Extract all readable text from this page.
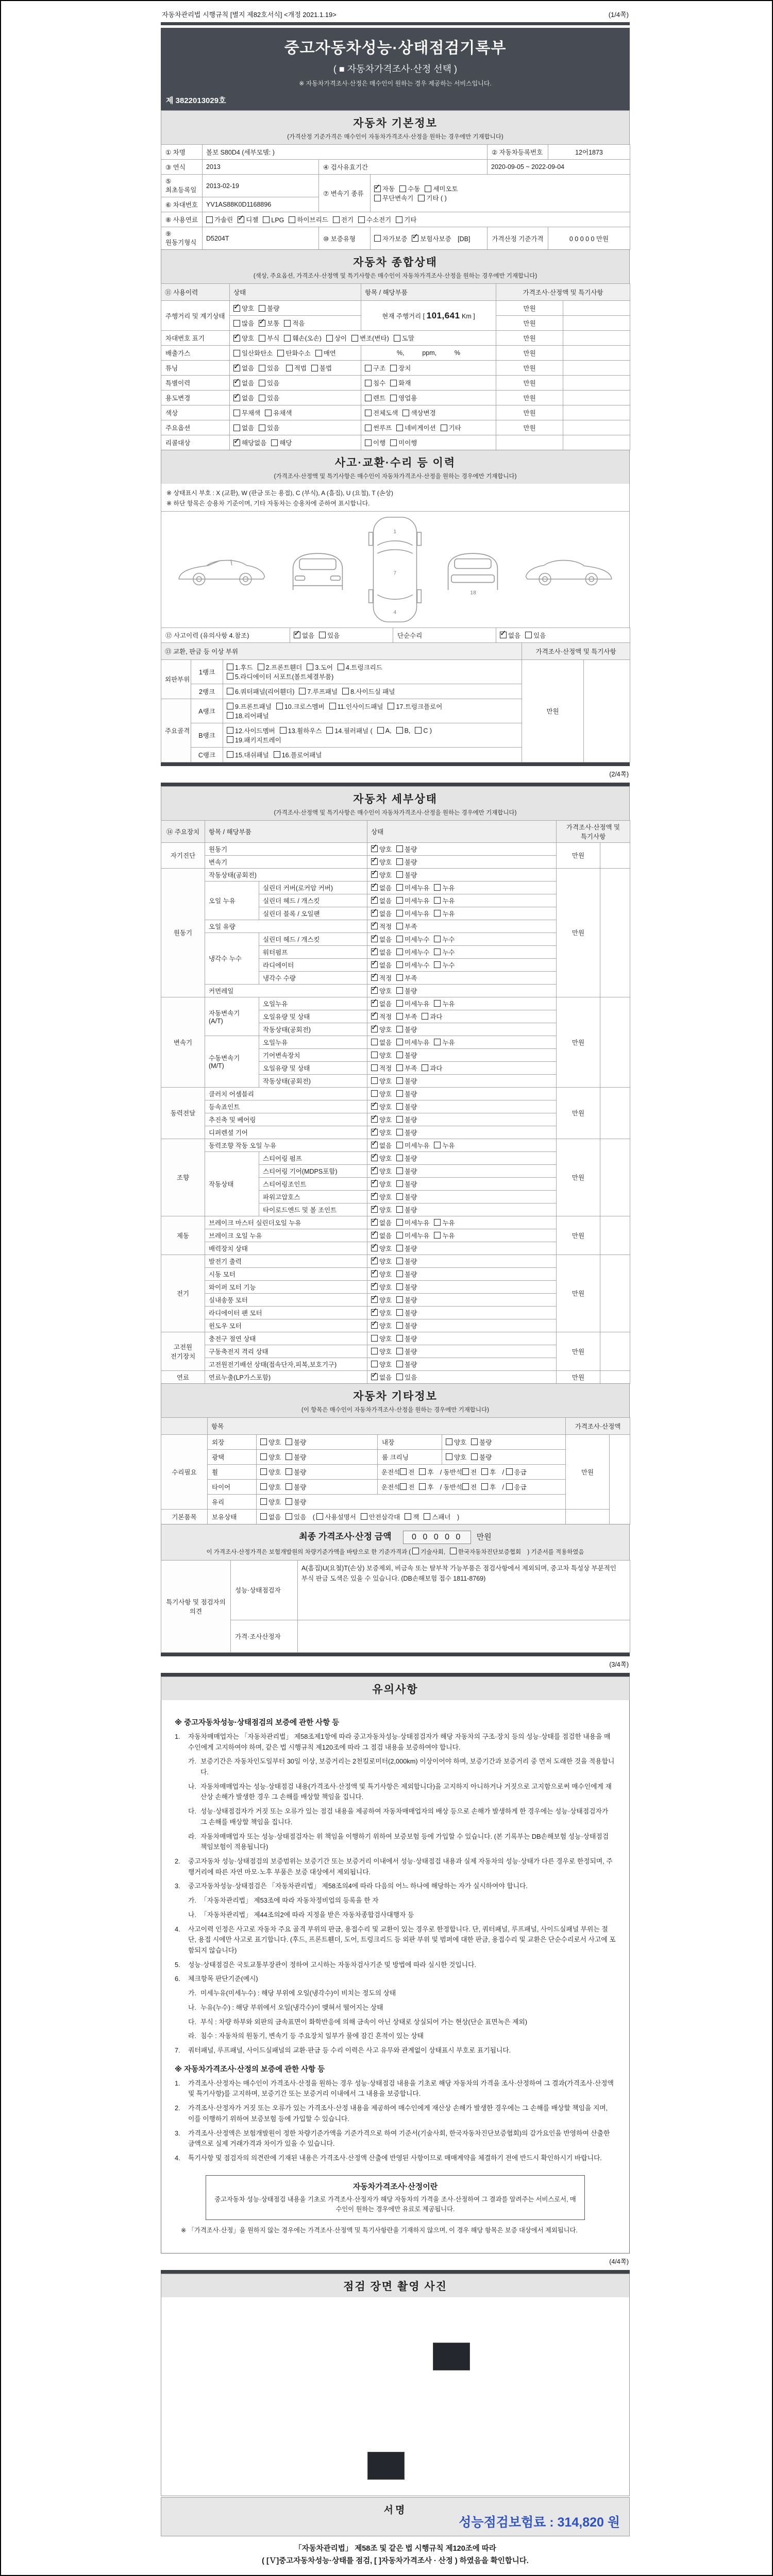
자동차관리법 시행규칙 [별지 제82호서식] <개정 2021.1.19>	(1/4쪽)
중고자동차성능·상태점검기록부
( ■ 자동차가격조사·산정 선택 )
※ 자동차가격조사·산정은 매수인이 원하는 경우 제공하는 서비스입니다.
제 3822013029호
자동차 기본정보
(가격산정 기준가격은 매수인이 자동차가격조사·산정을 원하는 경우에만 기재합니다)
① 차명	볼보 S80D4 (세부모델: )			② 자동차등록번호	12어1873
③ 연식	2013	④ 검사유효기간		2020-09-05 ~ 2022-09-04	
⑤ 최초등록일	2013-02-19	⑦ 변속기 종류	✓자동 수동 세미오토
무단변속기 기타 ( )
⑥ 차대번호	YV1AS88K0D1168896				
⑧ 사용연료	가솔린 ✓ 디젤 LPG 하이브리드 전기 수소전기 기타
⑨ 원동기형식	D5204T	⑩ 보증유형	자가보증 ✓ 보험사보증 [DB]	가격산정 기준가격	0 0 0 0 0 만원
자동차 종합상태
(색상, 주요옵션, 가격조사·산정액 및 특기사항은 매수인이 자동차가격조사·산정을 원하는 경우에만 기재합니다)
⑪ 사용이력	상태	항목 / 해당부품	가격조사·산정액 및 특기사항	
주행거리 및 계기상태	✓양호 불량	현재 주행거리 [ 101,641 Km ]	만원	
	많음 ✓ 보통 적음		만원	
차대번호 표기	✓양호 부식 훼손(오손) 상이 변조(변타) 도말		만원	
배출가스	일산화탄소 탄화수소 매연	%,          ppm,          %	만원	
튜닝	✓없음 있음 적법 불법	구조 장치	만원	
특별이력	✓없음 있음	침수 화재	만원	
용도변경	✓없음 있음	렌트 영업용	만원	
색상	무채색 유채색	전체도색 색상변경	만원	
주요옵션	없음 있음	썬루프 네비게이션 기타	만원	
리콜대상	✓해당없음 해당	이행 미이행		
사고·교환·수리 등 이력
(가격조사·산정액 및 특기사항은 매수인이 자동차가격조사·산정을 원하는 경우에만 기재합니다)
※ 상태표시 부호 : X (교환), W (판금 또는 용접), C (부식), A (흠집), U (요철), T (손상)
※ 하단 항목은 승용차 기준이며, 기타 자동차는 승용차에 준하여 표시합니다.
1
7
4
18
⑫ 사고이력 (유의사항 4.참조)	✓없음 있음	단순수리	✓없음 있음
⑬ 교환, 판금 등 이상 부위			가격조사·산정액 및 특기사항	
외판부위	1랭크	1.후드 2.프론트휀더 3.도어 4.트렁크리드
5.라디에이터 서포트(볼트체결부품)	만원	
	2랭크	6.쿼터패널(리어휀더) 7.루프패널 8.사이드실 패널		
주요골격	A랭크	9.프론트패널 10.크로스멤버 11.인사이드패널 17.트렁크플로어
18.리어패널		
	B랭크	12.사이드멤버 13.휠하우스 14.필러패널 ( A, B, C )
19.패키지트레이		
	C랭크	15.대쉬패널 16.플로어패널		
(2/4쪽)
자동차 세부상태
(가격조사·산정액 및 특기사항은 매수인이 자동차가격조사·산정을 원하는 경우에만 기재합니다)
⑭ 주요장치	항목 / 해당부품		상태	가격조사·산정액 및 특기사항	
자기진단	원동기	✓양호 불량	만원	
	변속기	✓양호 불량
원동기	작동상태(공회전)	✓양호 불량	만원	
	오일 누유	실린더 커버(로커암 커버)	✓없음 미세누유 누유
		실린더 헤드 / 개스킷	✓없음 미세누유 누유
		실린더 블록 / 오일팬	✓없음 미세누유 누유
	오일 유량	✓적정 부족
	냉각수 누수	실린더 헤드 / 개스킷	✓없음 미세누수 누수
		워터펌프	✓없음 미세누수 누수
		라디에이터	✓없음 미세누수 누수
		냉각수 수량	✓적정 부족
	커먼레일	✓양호 불량
변속기	자동변속기 (A/T)	오일누유	✓없음 미세누유 누유	만원	
		오일유량 및 상태	✓적정 부족 과다
		작동상태(공회전)	✓양호 불량
	수동변속기 (M/T)	오일누유	없음 미세누유 누유		
		기어변속장치	양호 불량		
		오일유량 및 상태	적정 부족 과다		
		작동상태(공회전)	양호 불량		
동력전달	클러치 어셈블리		양호 불량	만원	
	등속죠인트	✓양호 불량
	추진축 및 베어링	✓양호 불량
	디퍼렌셜 기어	✓양호 불량
조향	동력조향 작동 오일 누유	✓없음 미세누유 누유	만원	
	작동상태	스티어링 펌프	✓양호 불량
		스티어링 기어(MDPS포함)	✓양호 불량
		스티어링조인트	✓양호 불량
		파워고압호스	✓양호 불량
		타이로드엔드 및 볼 조인트	✓양호 불량
제동	브레이크 마스터 실린더오일 누유	✓없음 미세누유 누유	만원	
	브레이크 오일 누유	✓없음 미세누유 누유
	배력장치 상태	✓양호 불량
전기	발전기 출력	✓양호 불량	만원	
	시동 모터	✓양호 불량
	와이퍼 모터 기능	✓양호 불량
	실내송풍 모터	✓양호 불량
	라디에이터 팬 모터	✓양호 불량
	윈도우 모터	✓양호 불량
고전원 전기장치	충전구 절연 상태		양호 불량	만원	
	구동축전지 격리 상태		양호 불량		
	고전원전기배선 상태(접속단자,피복,보호기구)		양호 불량		
연료	연료누출(LP가스포함)	✓없음 있음	만원	
자동차 기타정보
(이 항목은 매수인이 자동차가격조사·산정을 원하는 경우에만 기재합니다)
	항목				가격조사·산정액	
수리필요	외장	양호 불량	내장	양호 불량	만원	
	광택	양호 불량	룸 크리닝	양호 불량		
	휠	양호 불량	운전석 전 후 / 동반석 전 후 / 응급			
	타이어	양호 불량	운전석 전 후 / 동반석 전 후 / 응급			
	유리	양호 불량				
기본품목	보유상태	없음 있음 ( 사용설명서 안전삼각대 잭 스패너 )				
최종 가격조사·산정 금액 0 0 0 0 0 만원
이 가격조사·산정가격은 보험개발원의 차량기준가액을 바탕으로 한 기준가격과 ( 기술사회, 한국자동차진단보증협회 ) 기준서를 적용하였음
특기사항 및 점검자의 의견	성능·상태점검자	A(흠집)U(요철)T(손상) 보증제외, 비금속 또는 탈부착 가능부품은 점검사항에서 제외되며, 중고차 특성상 부분적인 부식 판금 도색은 있을 수 있습니다. (DB손해보험 접수 1811-8769)
	가격·조사산정자	
(3/4쪽)
유의사항
※ 중고자동차성능·상태점검의 보증에 관한 사항 등
1.	자동차매매업자는 「자동차관리법」 제58조제1항에 따라 중고자동차성능·상태점검자가 해당 자동차의 구조·장치 등의 성능·상태를 점검한 내용을 매수인에게 고지하여야 하며, 같은 법 시행규칙 제120조에 따라 그 점검 내용을 보증하여야 합니다.
가. 보증기간은 자동차인도일부터 30일 이상, 보증거리는 2천킬로미터(2,000km) 이상이어야 하며, 보증기간과 보증거리 중 먼저 도래한 것을 적용합니다.
나. 자동차매매업자는 성능·상태점검 내용(가격조사·산정액 및 특기사항은 제외합니다)을 고지하지 아니하거나 거짓으로 고지함으로써 매수인에게 재산상 손해가 발생한 경우 그 손해를 배상할 책임을 집니다.
다. 성능·상태점검자가 거짓 또는 오류가 있는 점검 내용을 제공하여 자동차매매업자의 배상 등으로 손해가 발생하게 한 경우에는 성능·상태점검자가 그 손해를 배상할 책임을 집니다.
라. 자동차매매업자 또는 성능·상태점검자는 위 책임을 이행하기 위하여 보증보험 등에 가입할 수 있습니다. (본 기록부는 DB손해보험 성능·상태점검 책임보험이 적용됩니다)
2.	중고자동차 성능·상태점검의 보증범위는 보증기간 또는 보증거리 이내에서 성능·상태점검 내용과 실제 자동차의 성능·상태가 다른 경우로 한정되며, 주행거리에 따른 자연 마모·노후 부품은 보증 대상에서 제외됩니다.
3.	중고자동차성능·상태점검은 「자동차관리법」 제58조의4에 따라 다음의 어느 하나에 해당하는 자가 실시하여야 합니다.
가. 「자동차관리법」 제53조에 따라 자동차정비업의 등록을 한 자
나. 「자동차관리법」 제44조의2에 따라 지정을 받은 자동차종합검사대행자 등
4.	사고이력 인정은 사고로 자동차 주요 골격 부위의 판금, 용접수리 및 교환이 있는 경우로 한정합니다. 단, 쿼터패널, 루프패널, 사이드실패널 부위는 절단, 용접 시에만 사고로 표기합니다. (후드, 프론트휀더, 도어, 트렁크리드 등 외판 부위 및 범퍼에 대한 판금, 용접수리 및 교환은 단순수리로서 사고에 포함되지 않습니다)
5.	성능·상태점검은 국토교통부장관이 정하여 고시하는 자동차검사기준 및 방법에 따라 실시한 것입니다.
6.	체크항목 판단기준(예시)
가. 미세누유(미세누수) : 해당 부위에 오일(냉각수)이 비치는 정도의 상태
나. 누유(누수) : 해당 부위에서 오일(냉각수)이 맺혀서 떨어지는 상태
다. 부식 : 차량 하부와 외판의 금속표면이 화학반응에 의해 금속이 아닌 상태로 상실되어 가는 현상(단순 표면녹은 제외)
라. 침수 : 자동차의 원동기, 변속기 등 주요장치 일부가 물에 잠긴 흔적이 있는 상태
7.	쿼터패널, 루프패널, 사이드실패널의 교환·판금 등 수리 이력은 사고 유무와 관계없이 상태표시 부호로 표기됩니다.
※ 자동차가격조사·산정의 보증에 관한 사항 등
1.	가격조사·산정자는 매수인이 가격조사·산정을 원하는 경우 성능·상태점검 내용을 기초로 해당 자동차의 가격을 조사·산정하여 그 결과(가격조사·산정액 및 특기사항)를 고지하며, 보증기간 또는 보증거리 이내에서 그 내용을 보증합니다.
2.	가격조사·산정자가 거짓 또는 오류가 있는 가격조사·산정 내용을 제공하여 매수인에게 재산상 손해가 발생한 경우에는 그 손해를 배상할 책임을 지며, 이를 이행하기 위하여 보증보험 등에 가입할 수 있습니다.
3.	가격조사·산정액은 보험개발원이 정한 차량기준가액을 기준가격으로 하여 기준서(기술사회, 한국자동차진단보증협회)의 감가요인을 반영하여 산출한 금액으로 실제 거래가격과 차이가 있을 수 있습니다.
4.	특기사항 및 점검자의 의견란에 기재된 내용은 가격조사·산정액 산출에 반영된 사항이므로 매매계약을 체결하기 전에 반드시 확인하시기 바랍니다.
자동차가격조사·산정이란
중고자동차 성능·상태점검 내용을 기초로 가격조사·산정자가 해당 자동차의 가격을 조사·산정하여 그 결과를 알려주는 서비스로서, 매수인이 원하는 경우에만 유료로 제공됩니다.
※ 「가격조사·산정」을 원하지 않는 경우에는 가격조사·산정액 및 특기사항란을 기재하지 않으며, 이 경우 해당 항목은 보증 대상에서 제외됩니다.
(4/4쪽)
점검 장면 촬영 사진
서명
성능점검보험료 : 314,820 원
「자동차관리법」 제58조 및 같은 법 시행규칙 제120조에 따라
( [Ｖ]중고자동차성능·상태를 점검, [ ]자동차가격조사 · 산정 ) 하였음을 확인합니다.
